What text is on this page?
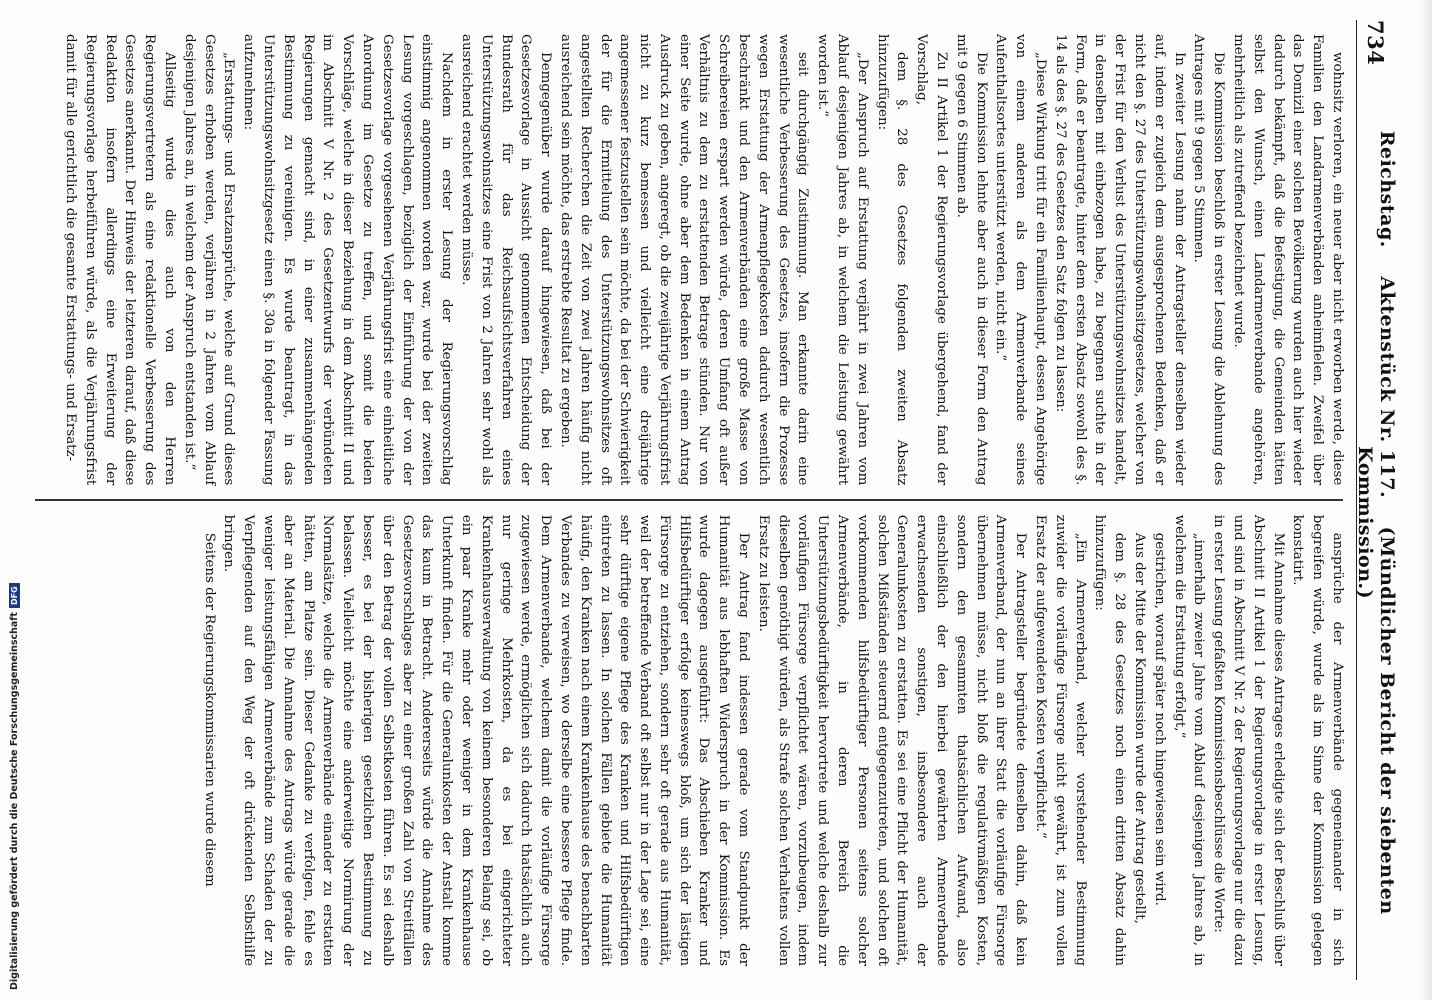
Digitalisierung gefördert durch die Deutsche ForschungsgemeinschaftDFG
734
Reichstag.    Aktenstück Nr. 117.    (Mündlicher Bericht der siebenten Kommission.)

wohnsitz verloren, ein neuer aber nicht erworben werde, diese Familien den Landarmenverbänden anheimfielen. Zweifel über das Domizil einer solchen Bevölkerung wurden auch hier wieder dadurch bekämpft, daß die Befestigung, die Gemeinden hätten selbst den Wunsch, einen Landarmenverbande angehören, mehrheitlich als zutreffend bezeichnet wurde.

Die Kommission beschloß in erster Lesung die Ablehnung des Antrages mit 9 gegen 5 Stimmen.

In zweiter Lesung nahm der Antragsteller denselben wieder auf, indem er zugleich dem ausgesprochenen Bedenken, daß er nicht den §. 27 des Unterstützungswohnsitzgesetzes, welcher von der Frist für den Verlust des Unterstützungswohnsitzes handelt, in denselben mit einbezogen habe, zu begegnen suchte in der Form, daß er beantragte, hinter dem ersten Absatz sowohl des §. 14 als des §. 27 des Gesetzes den Satz folgen zu lassen:

„Diese Wirkung tritt für ein Familienhaupt, dessen Angehörige von einem anderen als dem Armenverbande seines Aufenthaltsortes unterstützt werden, nicht ein.“

Die Kommission lehnte aber auch in dieser Form den Antrag mit 9 gegen 6 Stimmen ab.

Zu II Artikel 1 der Regierungsvorlage übergehend, fand der Vorschlag,

dem §. 28 des Gesetzes folgenden zweiten Absatz hinzuzufügen:

„Der Anspruch auf Erstattung verjährt in zwei Jahren vom Ablauf desjenigen Jahres ab, in welchem die Leistung gewährt worden ist.“

seit durchgängig Zustimmung. Man erkannte darin eine wesentliche Verbesserung des Gesetzes, insofern die Prozesse wegen Erstattung der Armenpflegekosten dadurch wesentlich beschränkt und den Armenverbänden eine große Masse von Schreibereien erspart werden würde, deren Umfang oft außer Verhältnis zu dem zu erstattenden Betrage stünden. Nur von einer Seite wurde, ohne aber dem Bedenken in einem Antrag Ausdruck zu geben, angeregt, ob die zweijährige Verjährungsfrist nicht zu kurz bemessen und vielleicht eine dreijährige angemessener festzustellen sein möchte, da bei der Schwierigkeit der für die Ermittelung des Unterstützungswohnsitzes oft angestellten Recherchen die Zeit von zwei Jahren häufig nicht ausreichend sein möchte, das erstrebte Resultat zu ergeben.

Demgegenüber wurde darauf hingewiesen, daß bei der Gesetzesvorlage in Aussicht genommenen Entscheidung der Bundesrath für das Reichsaufsichtsverfahren eines Unterstützungswohnsitzes eine Frist von 2 Jahren sehr wohl als ausreichend erachtet werden müsse.

Nachdem in erster Lesung der Regierungsvorschlag einstimmig angenommen worden war, wurde bei der zweiten Lesung vorgeschlagen, bezüglich der Einführung der von der Gesetzesvorlage vorgesehenen Verjährungsfrist eine einheitliche Anordnung im Gesetze zu treffen, und somit die beiden Vorschläge, welche in dieser Beziehung in dem Abschnitt II und im Abschnitt V Nr. 2 des Gesetzentwurfs der verbündeten Regierungen gemacht sind, in einer zusammenhängenden Bestimmung zu vereinigen. Es wurde beantragt, in das Unterstützungswohnsitzgesetz einen §. 30a in folgender Fassung aufzunehmen:

„Erstattungs- und Ersatzansprüche, welche auf Grund dieses Gesetzes erhoben werden, verjähren in 2 Jahren vom Ablauf desjenigen Jahres an, in welchem der Anspruch entstanden ist.“

Allseitig wurde dies auch von den Herren Regierungsvertretern als eine redaktionelle Verbesserung des Gesetzes anerkannt. Der Hinweis der letzteren darauf, daß diese Redaktion insofern allerdings eine Erweiterung der Regierungsvorlage herbeiführen würde, als die Verjährungsfrist damit für alle gerichtlich die gesamte Erstattungs- und Ersatz-

ansprüche der Armenverbände gegeneinander in sich begreifen würde, wurde als im Sinne der Kommission gelegen konstatirt.

Mit Annahme dieses Antrages erledigte sich der Beschluß über Abschnitt II Artikel 1 der Regierungsvorlage in erster Lesung, und sind in Abschnitt V Nr. 2 der Regierungsvorlage nur die dazu in erster Lesung gefaßten Kommissionsbeschlüsse die Worte:

„innerhalb zweier Jahre vom Ablauf desjenigen Jahres ab, in welchem die Erstattung erfolgt,“

gestrichen, worauf später noch hingewiesen sein wird.

Aus der Mitte der Kommission wurde der Antrag gestellt,

dem §. 28 des Gesetzes noch einen dritten Absatz dahin hinzuzufügen:

„Ein Armenverband, welcher vorstehender Bestimmung zuwider die vorläufige Fürsorge nicht gewährt, ist zum vollen Ersatz der aufgewendeten Kosten verpflichtet.“

Der Antragsteller begründete denselben dahin, daß kein Armenverband, der nun an ihrer Statt die vorläufige Fürsorge übernehmen müsse, nicht bloß die regulativmäßigen Kosten, sondern den gesammten thatsächlichen Aufwand, also einschließlich der den hierbei gewährten Armenverbande erwachsenden sonstigen, insbesondere auch der Generalunkosten zu erstatten. Es sei eine Pflicht der Humanität, solchen Mißständen steuernd entgegenzutreten, und solchen oft vorkommenden hilfsbedürftiger Personen seitens solcher Armenverbände, in deren Bereich die Unterstützungsbedürftigkeit hervortrete und welche deshalb zur vorläufigen Fürsorge verpflichtet wären, vorzubeugen, indem dieselben genöthigt würden, als Strafe solchen Verhaltens vollen Ersatz zu leisten.

Der Antrag fand indessen gerade vom Standpunkt der Humanität aus lebhaften Widerspruch in der Kommission. Es wurde dagegen ausgeführt: Das Abschieben Kranker und Hilfsbedürftiger erfolge keineswegs bloß, um sich der lästigen Fürsorge zu entziehen, sondern sehr oft gerade aus Humanität, weil der betreffende Verband oft selbst nur in der Lage sei, eine sehr dürftige eigene Pflege des Kranken und Hilfsbedürftigen eintreten zu lassen. In solchen Fällen gebiete die Humanität häufig, den Kranken nach einem Krankenhause des benachbarten Verbandes zu verweisen, wo derselbe eine bessere Pflege finde. Dem Armenverbande, welchem damit die vorläufige Fürsorge zugewiesen werde, ermöglichen sich dadurch thatsächlich auch nur geringe Mehrkosten, da es bei eingerichteter Krankenhausverwaltung von keinem besonderen Belang sei, ob ein paar Kranke mehr oder weniger in dem Krankenhause Unterkunft finden. Für die Generalunkosten der Anstalt komme das kaum in Betracht. Andererseits würde die Annahme des Gesetzesvorschlages aber zu einer großen Zahl von Streitfällen über den Betrag der vollen Selbstkosten führen. Es sei deshalb besser, es bei der bisherigen gesetzlichen Bestimmung zu belassen. Vielleicht möchte eine anderweitige Normirung der Normalsätze, welche die Armenverbände einander zu erstatten hätten, am Platze sein. Dieser Gedanke zu verfolgen, fehle es aber an Material. Die Annahme des Antrags würde gerade die weniger leistungsfähigen Armenverbände zum Schaden der zu Verpflegenden auf den Weg der oft drückenden Selbsthilfe bringen.

Seitens der Regierungskommissarien wurde diesem
